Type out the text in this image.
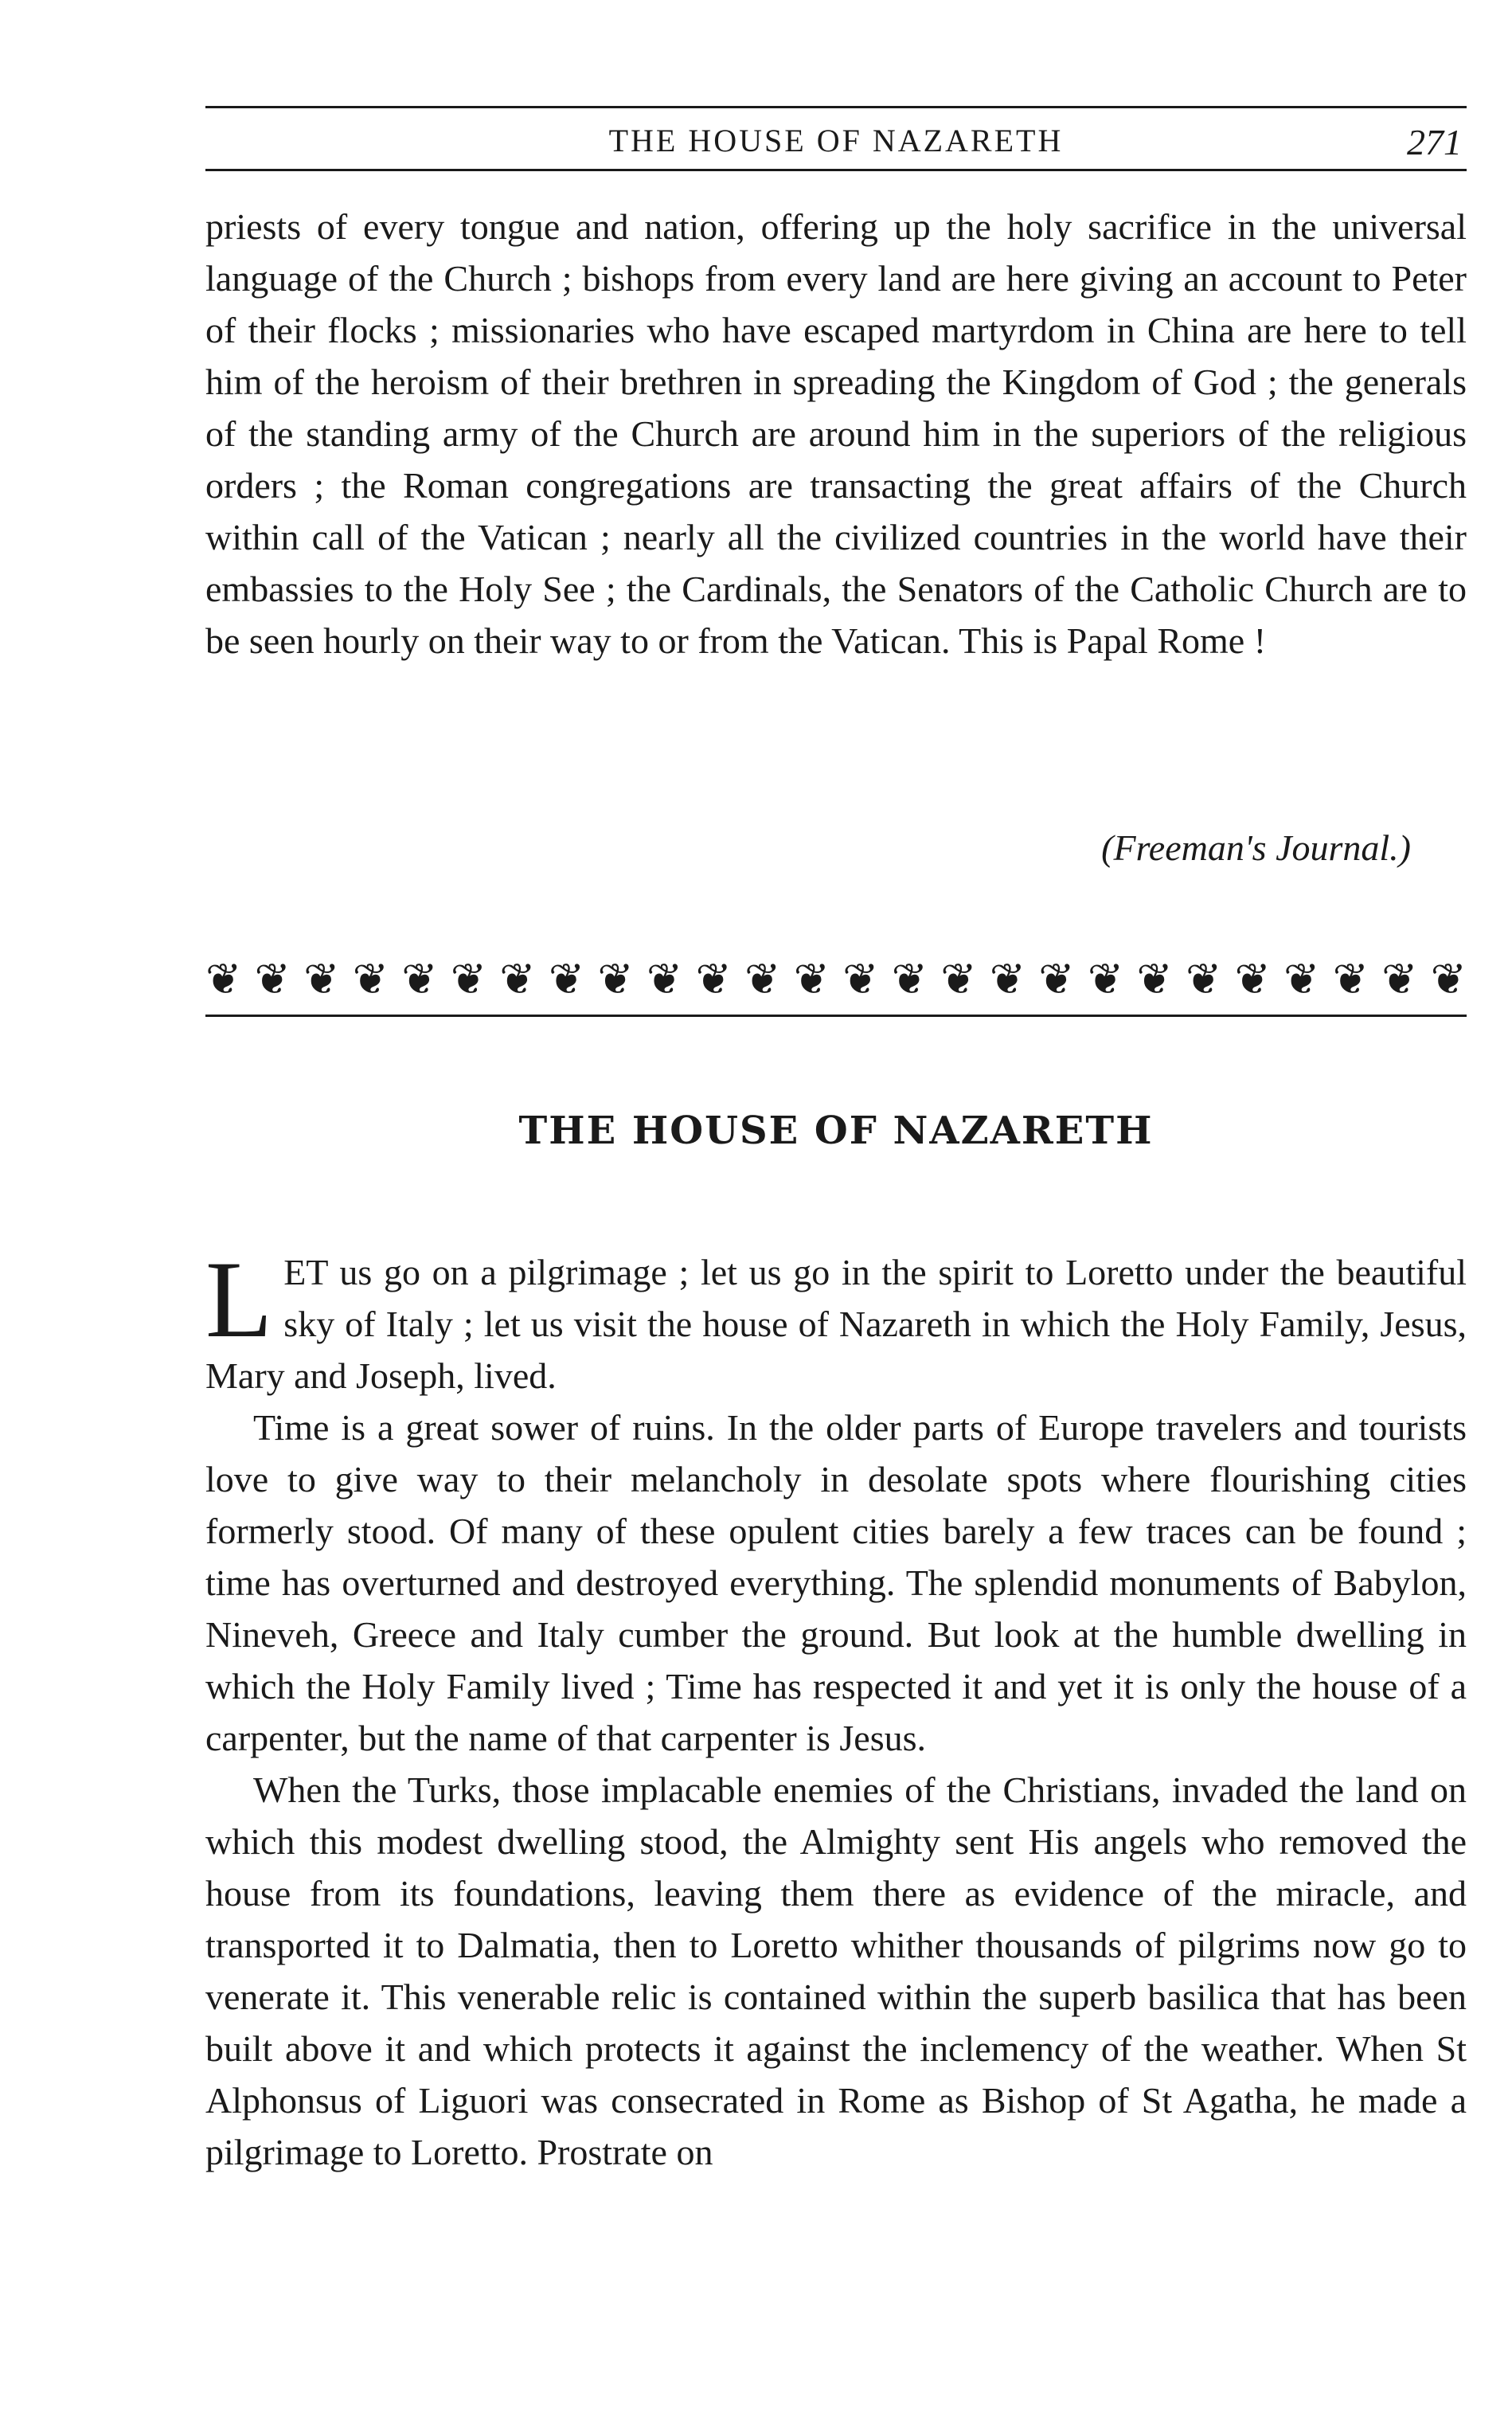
THE HOUSE OF NAZARETH	271

priests of every tongue and nation, offering up the holy sacrifice in the universal language of the Church ; bishops from every land are here giving an account to Peter of their flocks ; missionaries who have escaped martyrdom in China are here to tell him of the heroism of their brethren in spreading the Kingdom of God ; the generals of the standing army of the Church are around him in the superiors of the religious orders ; the Roman congregations are transacting the great affairs of the Church within call of the Vatican ; nearly all the civilized countries in the world have their embassies to the Holy See ; the Cardinals, the Senators of the Catholic Church are to be seen hourly on their way to or from the Vatican. This is Papal Rome !

(Freeman's Journal.)
❦ ❦ ❦ ❦ ❦ ❦ ❦ ❦ ❦ ❦ ❦ ❦ ❦ ❦ ❦ ❦ ❦ ❦ ❦ ❦ ❦ ❦ ❦ ❦ ❦ ❦
THE HOUSE OF NAZARETH

LET us go on a pilgrimage ; let us go in the spirit to Loretto under the beautiful sky of Italy ; let us visit the house of Nazareth in which the Holy Family, Jesus, Mary and Joseph, lived.

Time is a great sower of ruins. In the older parts of Europe travelers and tourists love to give way to their melancholy in desolate spots where flourishing cities formerly stood. Of many of these opulent cities barely a few traces can be found ; time has overturned and destroyed everything. The splendid monuments of Babylon, Nineveh, Greece and Italy cumber the ground. But look at the humble dwelling in which the Holy Family lived ; Time has respected it and yet it is only the house of a carpenter, but the name of that carpenter is Jesus.

When the Turks, those implacable enemies of the Christians, invaded the land on which this modest dwelling stood, the Almighty sent His angels who removed the house from its foundations, leaving them there as evidence of the miracle, and transported it to Dalmatia, then to Loretto whither thousands of pilgrims now go to venerate it. This venerable relic is contained within the superb basilica that has been built above it and which protects it against the inclemency of the weather. When St Alphonsus of Liguori was consecrated in Rome as Bishop of St Agatha, he made a pilgrimage to Loretto. Prostrate on
